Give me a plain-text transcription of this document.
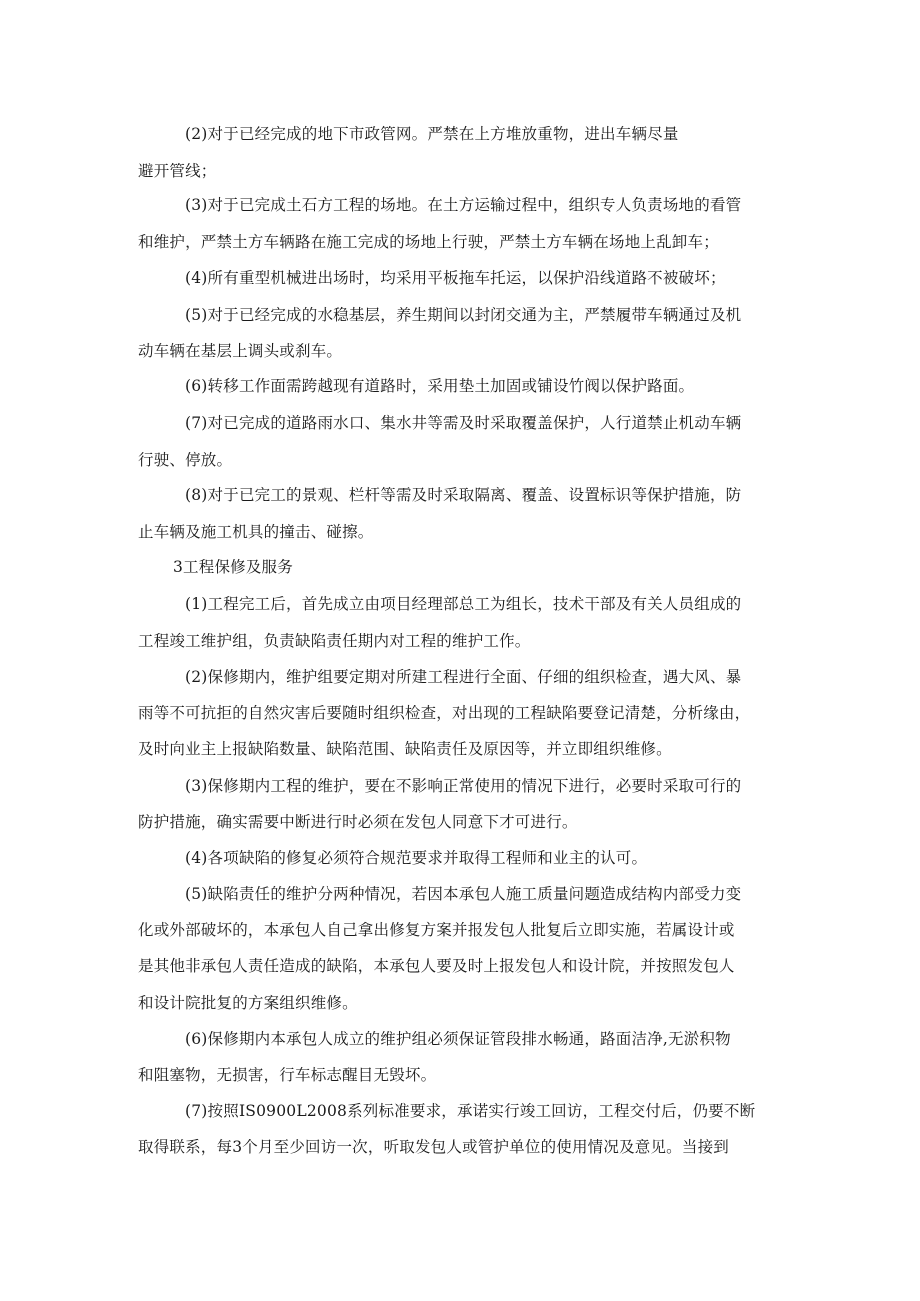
(2)对于已经完成的地下市政管网。严禁在上方堆放重物，进出车辆尽量
避开管线；
(3)对于已完成土石方工程的场地。在土方运输过程中，组织专人负责场地的看管
和维护，严禁土方车辆路在施工完成的场地上行驶，严禁土方车辆在场地上乱卸车；
(4)所有重型机械进出场时，均采用平板拖车托运，以保护沿线道路不被破坏；
(5)对于已经完成的水稳基层，养生期间以封闭交通为主，严禁履带车辆通过及机
动车辆在基层上调头或刹车。
(6)转移工作面需跨越现有道路时，采用垫土加固或铺设竹阀以保护路面。
(7)对已完成的道路雨水口、集水井等需及时采取覆盖保护，人行道禁止机动车辆
行驶、停放。
(8)对于已完工的景观、栏杆等需及时采取隔离、覆盖、设置标识等保护措施，防
止车辆及施工机具的撞击、碰擦。
3工程保修及服务
(1)工程完工后，首先成立由项目经理部总工为组长，技术干部及有关人员组成的
工程竣工维护组，负责缺陷责任期内对工程的维护工作。
(2)保修期内，维护组要定期对所建工程进行全面、仔细的组织检查，遇大风、暴
雨等不可抗拒的自然灾害后要随时组织检查，对出现的工程缺陷要登记清楚，分析缘由，
及时向业主上报缺陷数量、缺陷范围、缺陷责任及原因等，并立即组织维修。
(3)保修期内工程的维护，要在不影响正常使用的情况下进行，必要时采取可行的
防护措施，确实需要中断进行时必须在发包人同意下才可进行。
(4)各项缺陷的修复必须符合规范要求并取得工程师和业主的认可。
(5)缺陷责任的维护分两种情况，若因本承包人施工质量问题造成结构内部受力变
化或外部破坏的，本承包人自己拿出修复方案并报发包人批复后立即实施，若属设计或
是其他非承包人责任造成的缺陷，本承包人要及时上报发包人和设计院，并按照发包人
和设计院批复的方案组织维修。
(6)保修期内本承包人成立的维护组必须保证管段排水畅通，路面洁净,无淤积物
和阻塞物，无损害，行车标志醒目无毁坏。
(7)按照IS0900L2008系列标准要求，承诺实行竣工回访，工程交付后，仍要不断
取得联系，每3个月至少回访一次，听取发包人或管护单位的使用情况及意见。当接到
